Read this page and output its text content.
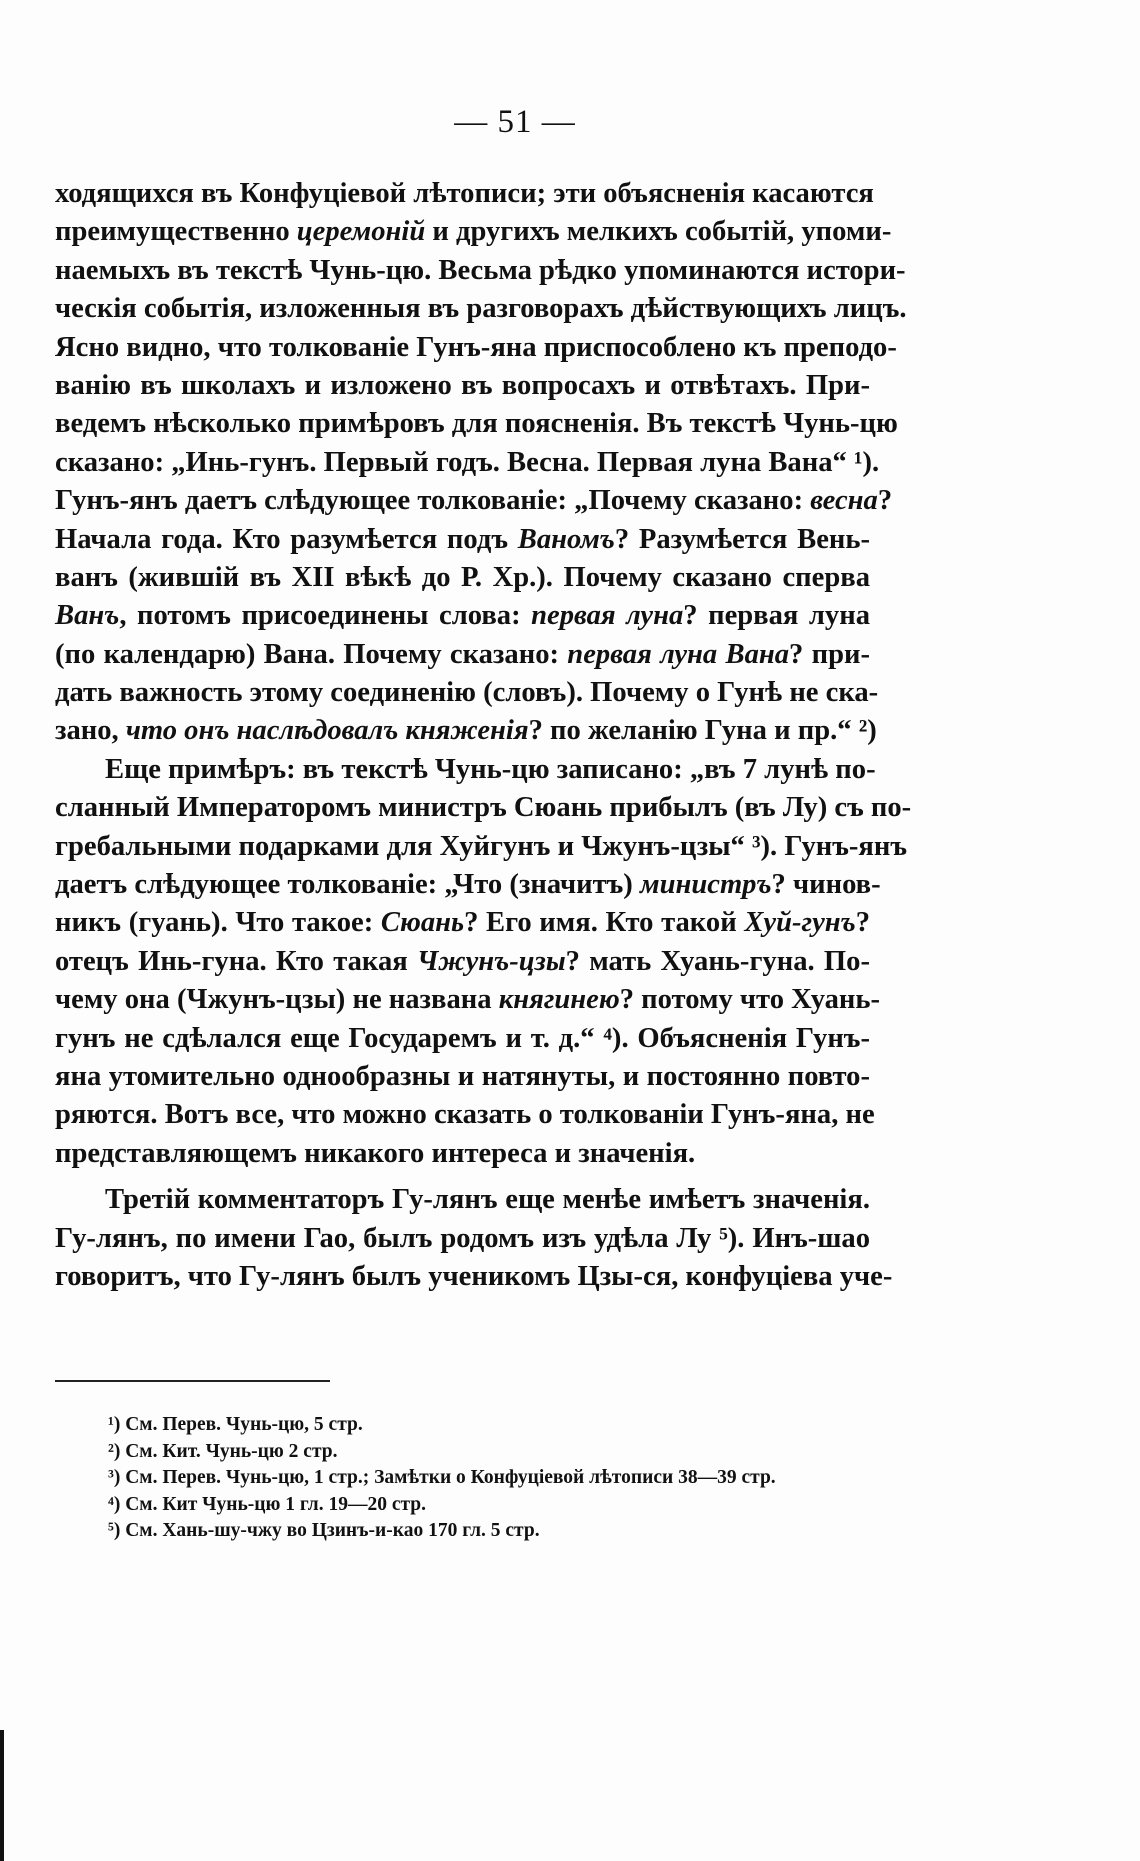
— 51 —
ходящихся въ Конфуціевой лѣтописи; эти объясненія касаются
преимущественно церемоній и другихъ мелкихъ событій, упоми-
наемыхъ въ текстѣ Чунь-цю. Весьма рѣдко упоминаются истори-
ческія событія, изложенныя въ разговорахъ дѣйствующихъ лицъ.
Ясно видно, что толкованіе Гунъ-яна приспособлено къ преподо-
ванію въ школахъ и изложено въ вопросахъ и отвѣтахъ. При-
ведемъ нѣсколько примѣровъ для поясненія. Въ текстѣ Чунь-цю
сказано: „Инь-гунъ. Первый годъ. Весна. Первая луна Вана“ ¹).
Гунъ-янъ даетъ слѣдующее толкованіе: „Почему сказано: весна?
Начала года. Кто разумѣется подъ Ваномъ? Разумѣется Вень-
ванъ (жившій въ XII вѣкѣ до Р. Хр.). Почему сказано сперва
Ванъ, потомъ присоединены слова: первая луна? первая луна
(по календарю) Вана. Почему сказано: первая луна Вана? при-
дать важность этому соединенію (словъ). Почему о Гунѣ не ска-
зано, что онъ наслѣдовалъ княженія? по желанію Гуна и пр.“ ²)
Еще примѣръ: въ текстѣ Чунь-цю записано: „въ 7 лунѣ по-
сланный Императоромъ министръ Сюань прибылъ (въ Лу) съ по-
гребальными подарками для Хуйгунъ и Чжунъ-цзы“ ³). Гунъ-янъ
даетъ слѣдующее толкованіе: „Что (значитъ) министръ? чинов-
никъ (гуань). Что такое: Сюань? Его имя. Кто такой Хуй-гунъ?
отецъ Инь-гуна. Кто такая Чжунъ-цзы? мать Хуань-гуна. По-
чему она (Чжунъ-цзы) не названа княгинею? потому что Хуань-
гунъ не сдѣлался еще Государемъ и т. д.“ ⁴). Объясненія Гунъ-
яна утомительно однообразны и натянуты, и постоянно повто-
ряются. Вотъ все, что можно сказать о толкованіи Гунъ-яна, не
представляющемъ никакого интереса и значенія.
Третій комментаторъ Гу-лянъ еще менѣе имѣетъ значенія.
Гу-лянъ, по имени Гао, былъ родомъ изъ удѣла Лу ⁵). Инъ-шао
говоритъ, что Гу-лянъ былъ ученикомъ Цзы-ся, конфуціева уче-
¹) См. Перев. Чунь-цю, 5 стр.
²) См. Кит. Чунь-цю 2 стр.
³) См. Перев. Чунь-цю, 1 стр.; Замѣтки о Конфуціевой лѣтописи 38—39 стр.
⁴) См. Кит Чунь-цю 1 гл. 19—20 стр.
⁵) См. Хань-шу-чжу во Цзинъ-и-као 170 гл. 5 стр.
